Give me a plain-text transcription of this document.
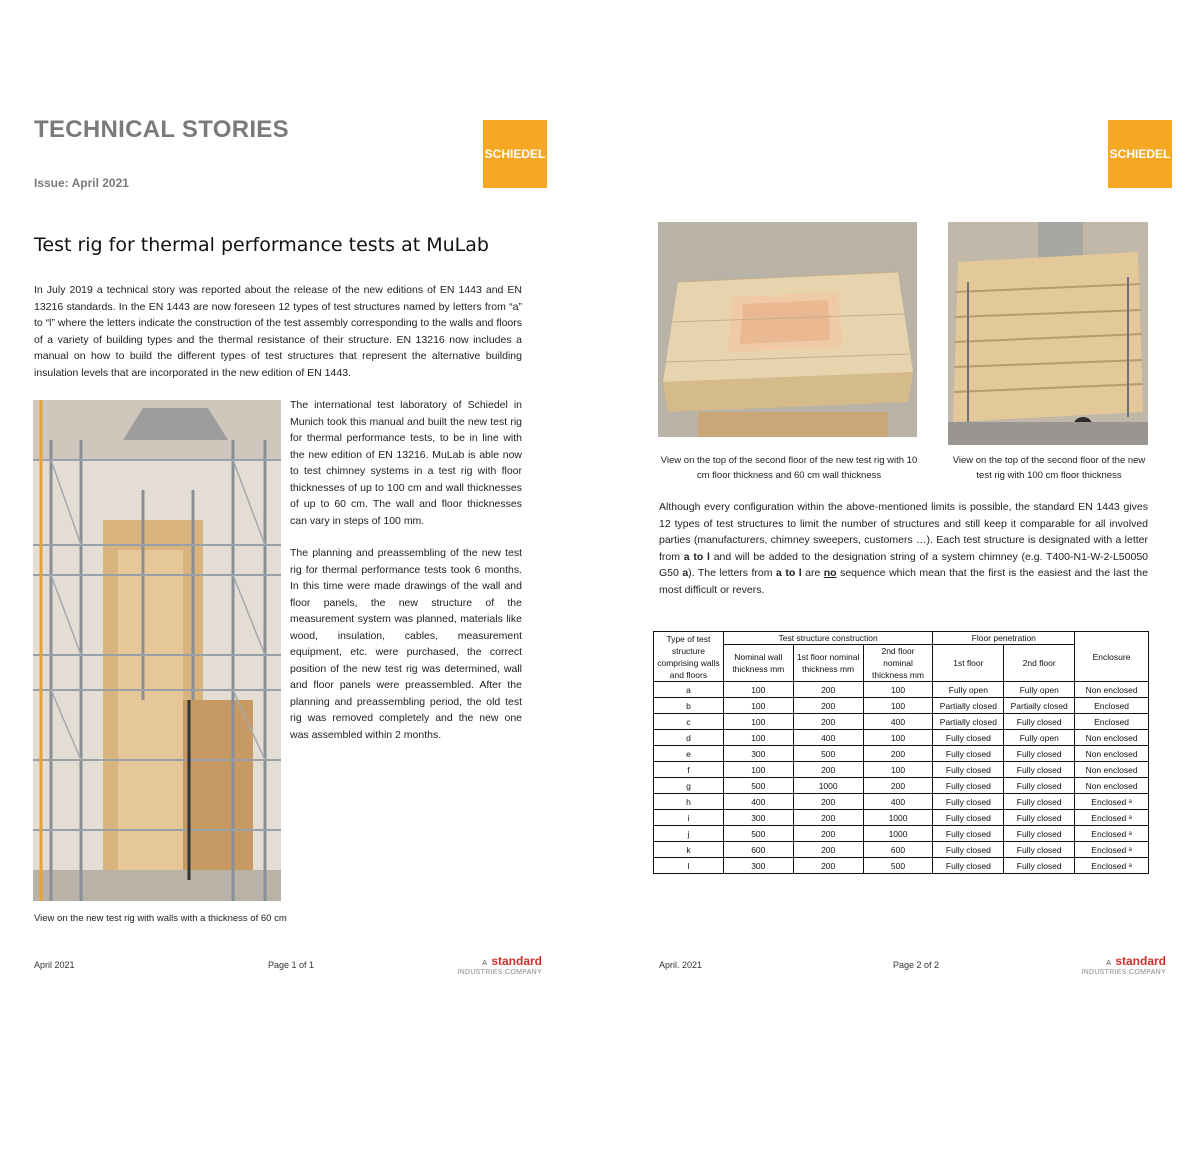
TECHNICAL STORIES
Issue: April 2021
SCHIEDEL
Test rig for thermal performance tests at MuLab

In July 2019 a technical story was reported about the release of the new editions of EN 1443 and EN 13216 standards. In the EN 1443 are now foreseen 12 types of test structures named by letters from “a” to “l” where the letters indicate the construction of the test assembly corresponding to the walls and floors of a variety of building types and the thermal resistance of their structure. EN 13216 now includes a manual on how to build the different types of test structures that represent the alternative building insulation levels that are incorporated in the new edition of EN 1443.

The international test laboratory of Schiedel in Munich took this manual and built the new test rig for thermal performance tests, to be in line with the new edition of EN 13216. MuLab is able now to test chimney systems in a test rig with floor thicknesses of up to 100 cm and wall thicknesses of up to 60 cm. The wall and floor thicknesses can vary in steps of 100 mm.

The planning and preassembling of the new test rig for thermal performance tests took 6 months. In this time were made drawings of the wall and floor panels, the new structure of the measurement system was planned, materials like wood, insulation, cables, measurement equipment, etc. were purchased, the correct position of the new test rig was determined, wall and floor panels were preassembled. After the planning and preassembling period, the old test rig was removed completely and the new one was assembled within 2 months.

View on the new test rig with walls with a thickness of 60 cm
April 2021	Page 1 of 1	A standard
INDUSTRIES COMPANY
SCHIEDEL
View on the top of the second floor of the new test rig with 10 cm floor thickness and 60 cm wall thickness
View on the top of the second floor of the new test rig with 100 cm floor thickness

Although every configuration within the above-mentioned limits is possible, the standard EN 1443 gives 12 types of test structures to limit the number of structures and still keep it comparable for all involved parties (manufacturers, chimney sweepers, customers …). Each test structure is designated with a letter from a to l and will be added to the designation string of a system chimney (e.g. T400-N1-W-2-L50050 G50 a). The letters from a to l are no sequence which mean that the first is the easiest and the last the most difficult or revers.

Type of test structure comprising walls and floors	Test structure construction			Floor penetration		Enclosure
	Nominal wall thickness mm	1st floor nominal thickness mm	2nd floor nominal thickness mm	1st floor	2nd floor	
a	100	200	100	Fully open	Fully open	Non enclosed
b	100	200	100	Partially closed	Partially closed	Enclosed
c	100	200	400	Partially closed	Fully closed	Enclosed
d	100	400	100	Fully closed	Fully open	Non enclosed
e	300	500	200	Fully closed	Fully closed	Non enclosed
f	100	200	100	Fully closed	Fully closed	Non enclosed
g	500	1000	200	Fully closed	Fully closed	Non enclosed
h	400	200	400	Fully closed	Fully closed	Enclosed ᵃ
i	300	200	1000	Fully closed	Fully closed	Enclosed ᵃ
j	500	200	1000	Fully closed	Fully closed	Enclosed ᵃ
k	600	200	600	Fully closed	Fully closed	Enclosed ᵃ
l	300	200	500	Fully closed	Fully closed	Enclosed ᵃ
April. 2021	Page 2 of 2	A standard
INDUSTRIES COMPANY
